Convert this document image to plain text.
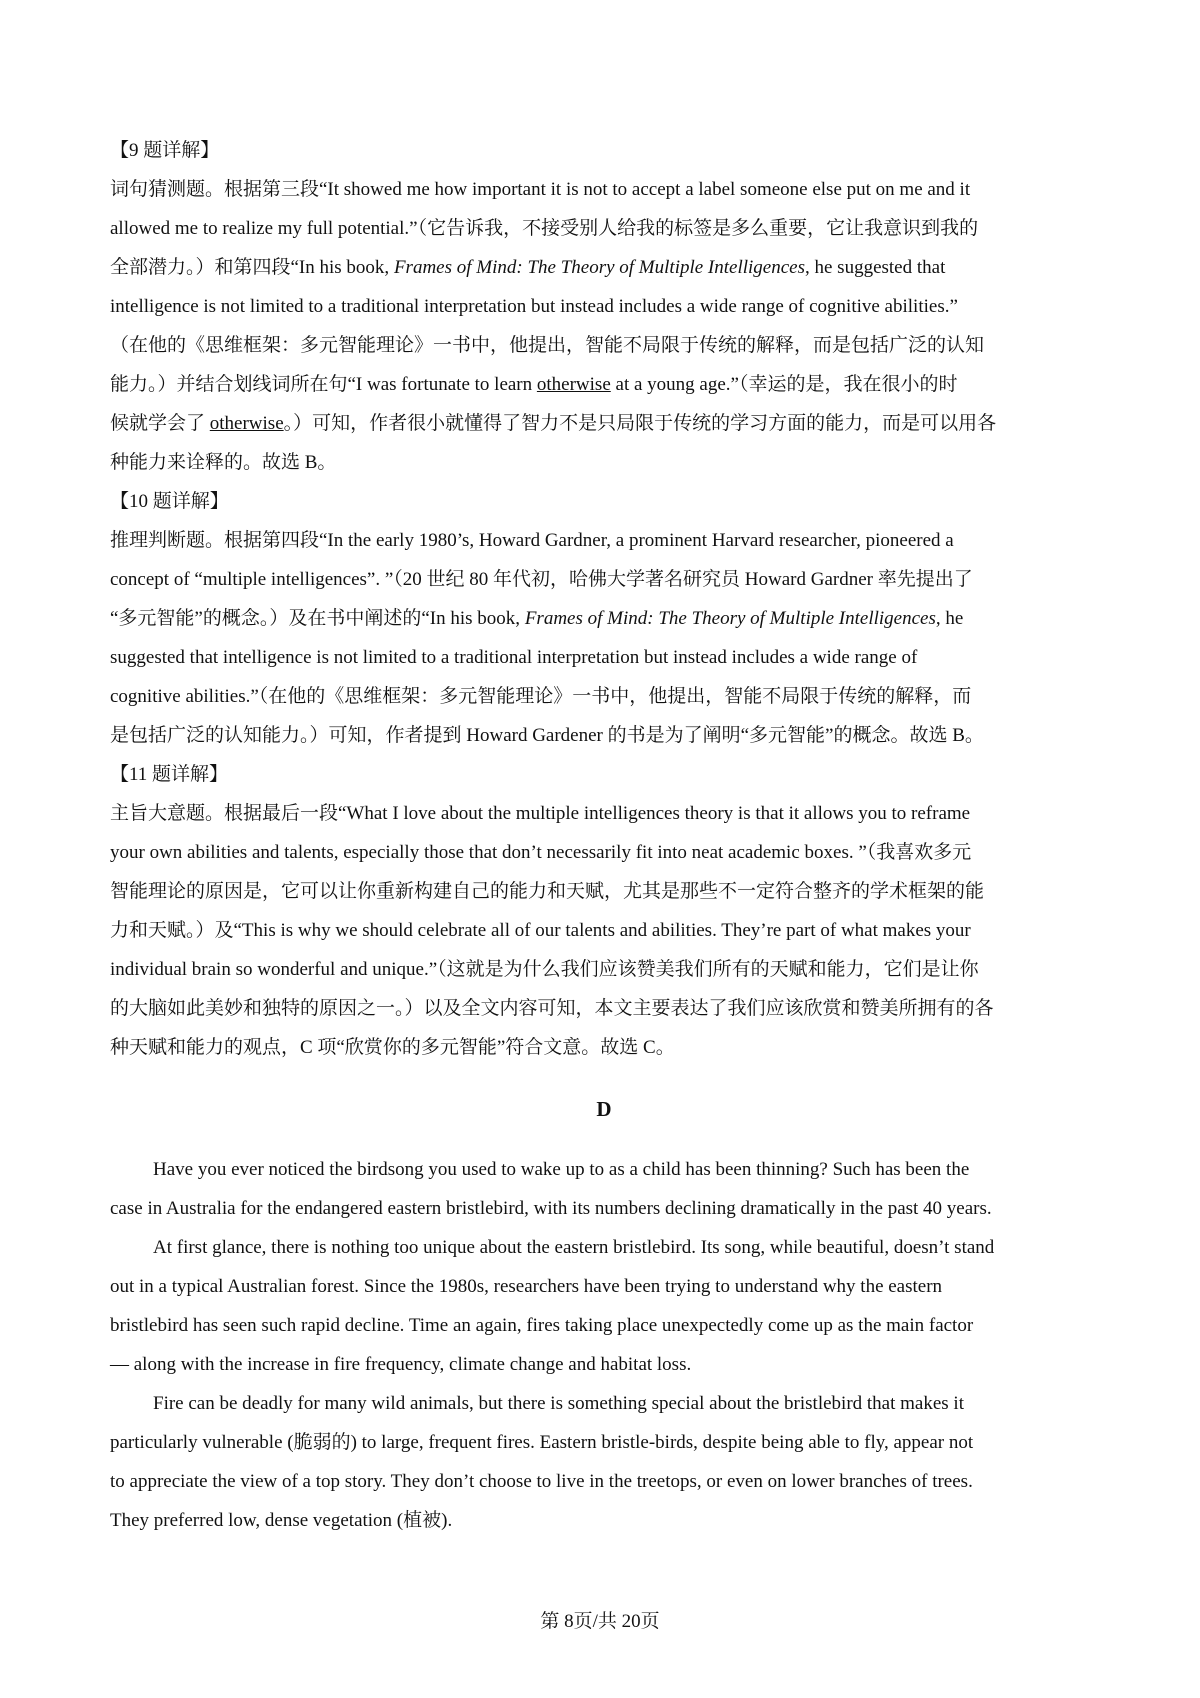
【9 题详解】

词句猜测题。根据第三段“It showed me how important it is not to accept a label someone else put on me and it

allowed me to realize my full potential.”（它告诉我，不接受别人给我的标签是多么重要，它让我意识到我的

全部潜力。）和第四段“In his book, Frames of Mind: The Theory of Multiple Intelligences, he suggested that

intelligence is not limited to a traditional interpretation but instead includes a wide range of cognitive abilities.”

（在他的《思维框架：多元智能理论》一书中，他提出，智能不局限于传统的解释，而是包括广泛的认知

能力。）并结合划线词所在句“I was fortunate to learn otherwise at a young age.”（幸运的是，我在很小的时

候就学会了 otherwise。）可知，作者很小就懂得了智力不是只局限于传统的学习方面的能力，而是可以用各

种能力来诠释的。故选 B。

【10 题详解】

推理判断题。根据第四段“In the early 1980’s, Howard Gardner, a prominent Harvard researcher, pioneered a

concept of “multiple intelligences”. ”（20 世纪 80 年代初，哈佛大学著名研究员 Howard Gardner 率先提出了

“多元智能”的概念。）及在书中阐述的“In his book, Frames of Mind: The Theory of Multiple Intelligences, he

suggested that intelligence is not limited to a traditional interpretation but instead includes a wide range of

cognitive abilities.”（在他的《思维框架：多元智能理论》一书中，他提出，智能不局限于传统的解释，而

是包括广泛的认知能力。）可知，作者提到 Howard Gardener 的书是为了阐明“多元智能”的概念。故选 B。

【11 题详解】

主旨大意题。根据最后一段“What I love about the multiple intelligences theory is that it allows you to reframe

your own abilities and talents, especially those that don’t necessarily fit into neat academic boxes. ”（我喜欢多元

智能理论的原因是，它可以让你重新构建自己的能力和天赋，尤其是那些不一定符合整齐的学术框架的能

力和天赋。）及“This is why we should celebrate all of our talents and abilities. They’re part of what makes your

individual brain so wonderful and unique.”（这就是为什么我们应该赞美我们所有的天赋和能力，它们是让你

的大脑如此美妙和独特的原因之一。）以及全文内容可知，本文主要表达了我们应该欣赏和赞美所拥有的各

种天赋和能力的观点，C 项“欣赏你的多元智能”符合文意。故选 C。

D

Have you ever noticed the birdsong you used to wake up to as a child has been thinning? Such has been the

case in Australia for the endangered eastern bristlebird, with its numbers declining dramatically in the past 40 years.

At first glance, there is nothing too unique about the eastern bristlebird. Its song, while beautiful, doesn’t stand

out in a typical Australian forest. Since the 1980s, researchers have been trying to understand why the eastern

bristlebird has seen such rapid decline. Time an again, fires taking place unexpectedly come up as the main factor

— along with the increase in fire frequency, climate change and habitat loss.

Fire can be deadly for many wild animals, but there is something special about the bristlebird that makes it

particularly vulnerable (脆弱的) to large, frequent fires. Eastern bristle-birds, despite being able to fly, appear not

to appreciate the view of a top story. They don’t choose to live in the treetops, or even on lower branches of trees.

They preferred low, dense vegetation (植被).

第 8页/共 20页
